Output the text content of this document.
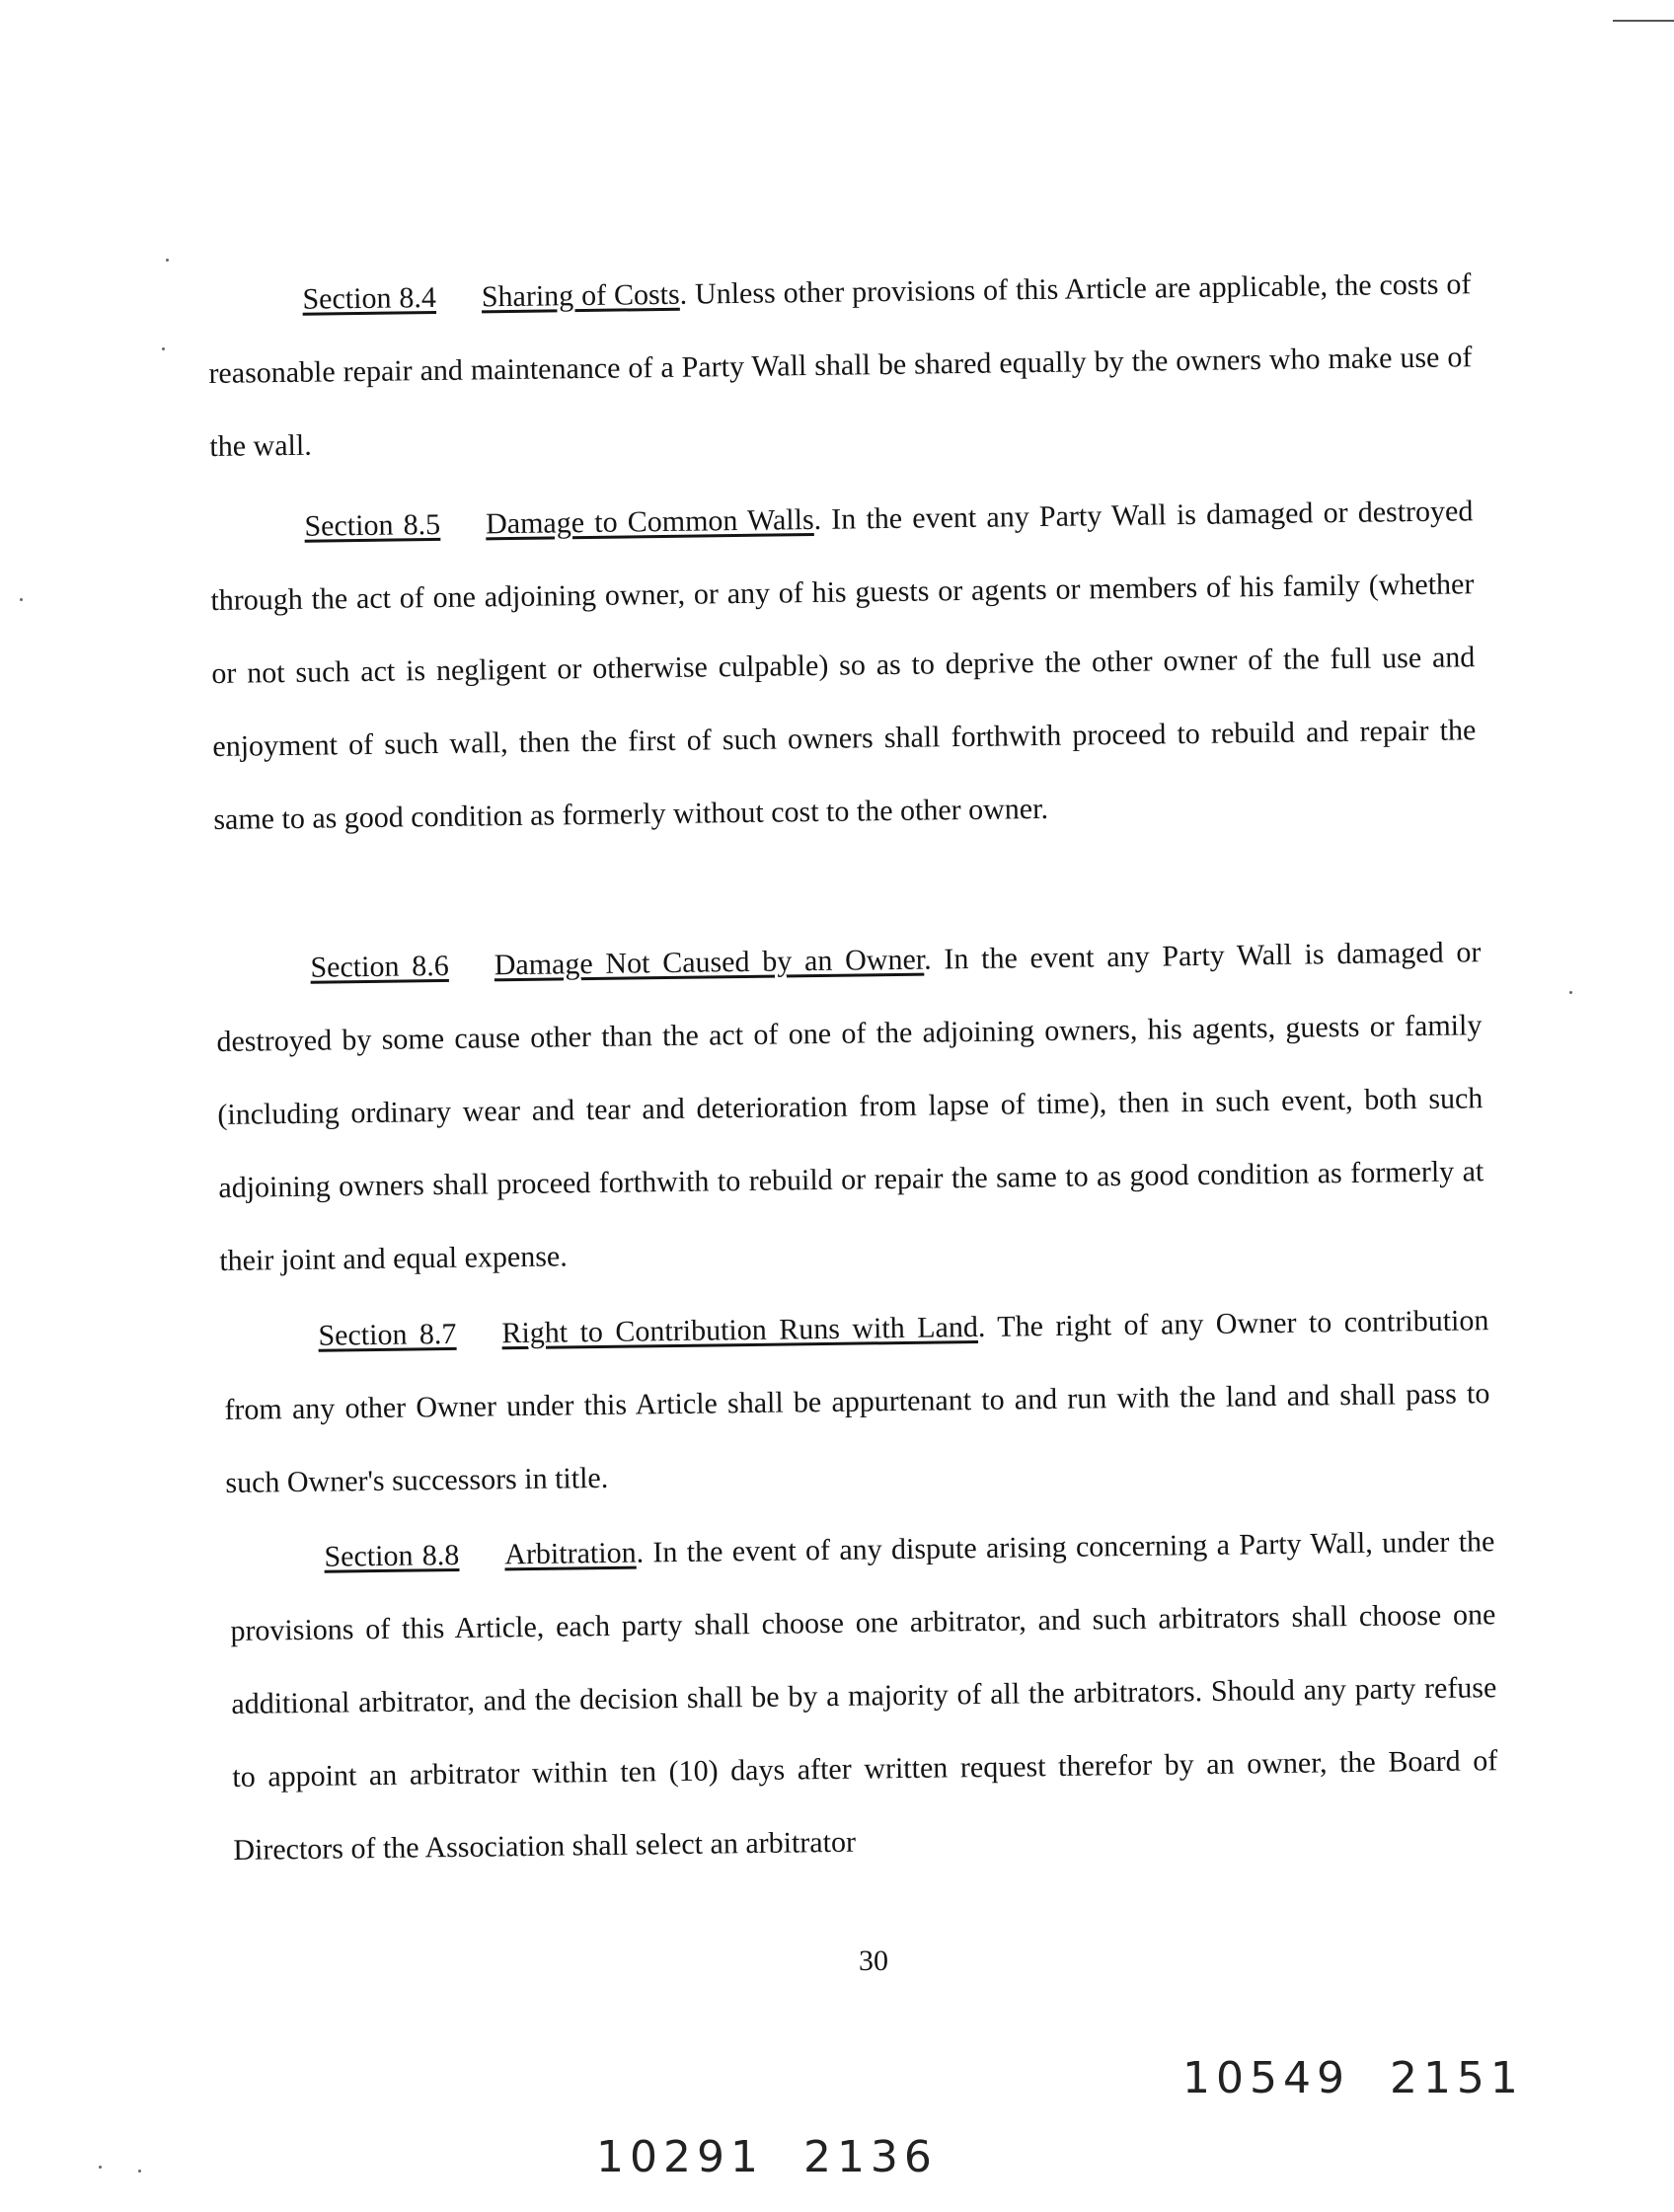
Section 8.4 Sharing of Costs. Unless other provisions of this Article are applicable, the costs of reasonable repair and maintenance of a Party Wall shall be shared equally by the owners who make use of the wall.

Section 8.5 Damage to Common Walls. In the event any Party Wall is damaged or destroyed through the act of one adjoining owner, or any of his guests or agents or members of his family (whether or not such act is negligent or otherwise culpable) so as to deprive the other owner of the full use and enjoyment of such wall, then the first of such owners shall forthwith proceed to rebuild and repair the same to as good condition as formerly without cost to the other owner.

Section 8.6 Damage Not Caused by an Owner. In the event any Party Wall is damaged or destroyed by some cause other than the act of one of the adjoining owners, his agents, guests or family (including ordinary wear and tear and deterioration from lapse of time), then in such event, both such adjoining owners shall proceed forthwith to rebuild or repair the same to as good condition as formerly at their joint and equal expense.

Section 8.7 Right to Contribution Runs with Land. The right of any Owner to contribution from any other Owner under this Article shall be appurtenant to and run with the land and shall pass to such Owner's successors in title.

Section 8.8 Arbitration. In the event of any dispute arising concerning a Party Wall, under the provisions of this Article, each party shall choose one arbitrator, and such arbitrators shall choose one additional arbitrator, and the decision shall be by a majority of all the arbitrators. Should any party refuse to appoint an arbitrator within ten (10) days after written request therefor by an owner, the Board of Directors of the Association shall select an arbitrator

30
10549  2151
10291  2136
